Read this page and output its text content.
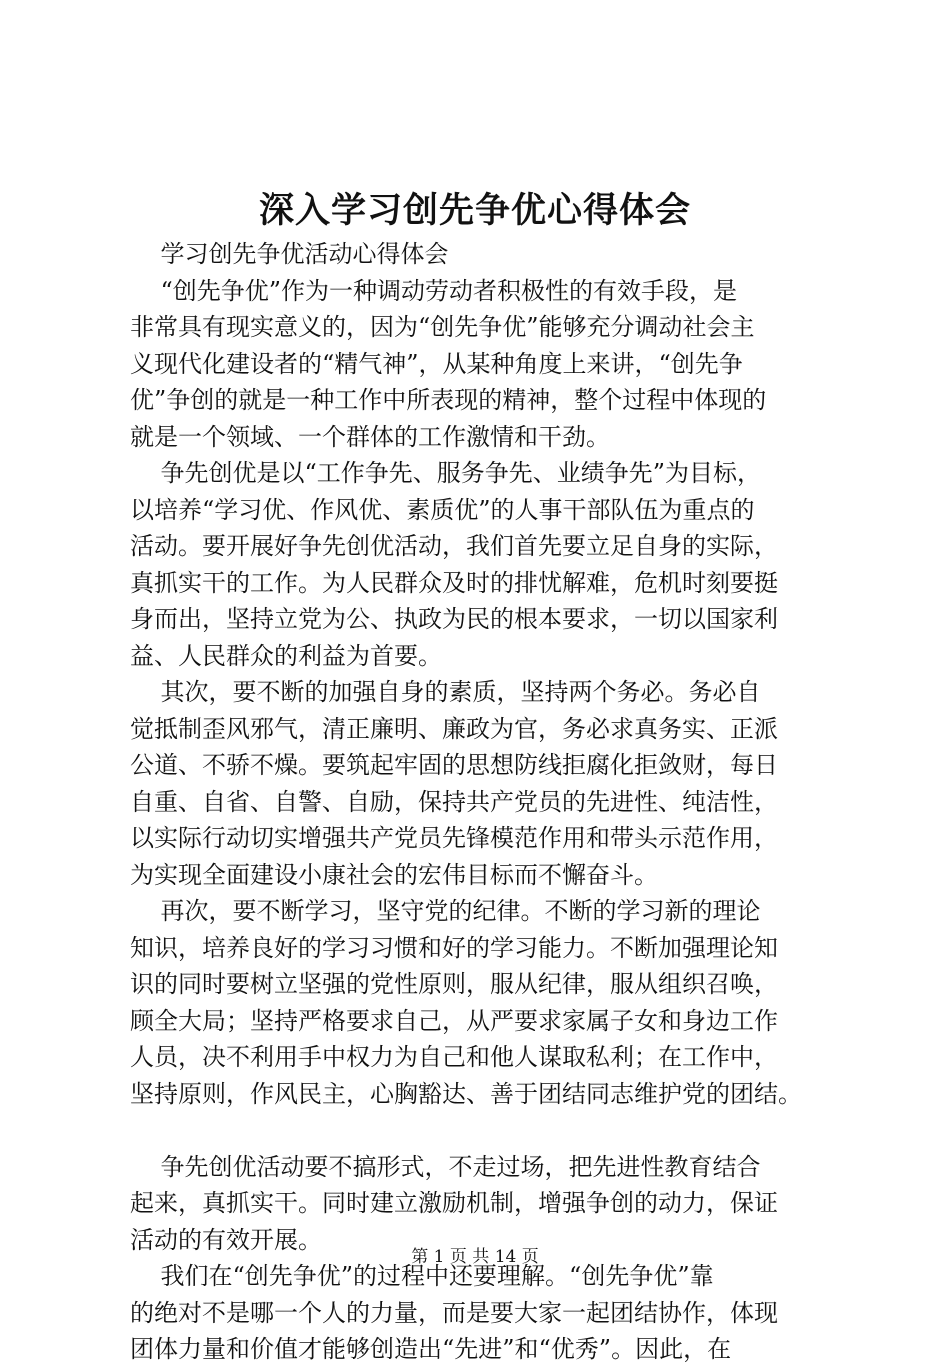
深入学习创先争优心得体会
学习创先争优活动心得体会
“创先争优”作为一种调动劳动者积极性的有效手段，是
非常具有现实意义的，因为“创先争优”能够充分调动社会主
义现代化建设者的“精气神”，从某种角度上来讲，“创先争
优”争创的就是一种工作中所表现的精神，整个过程中体现的
就是一个领域、一个群体的工作激情和干劲。
争先创优是以“工作争先、服务争先、业绩争先”为目标，
以培养“学习优、作风优、素质优”的人事干部队伍为重点的
活动。要开展好争先创优活动，我们首先要立足自身的实际，
真抓实干的工作。为人民群众及时的排忧解难，危机时刻要挺
身而出，坚持立党为公、执政为民的根本要求，一切以国家利
益、人民群众的利益为首要。
其次，要不断的加强自身的素质，坚持两个务必。务必自
觉抵制歪风邪气，清正廉明、廉政为官，务必求真务实、正派
公道、不骄不燥。要筑起牢固的思想防线拒腐化拒敛财，每日
自重、自省、自警、自励，保持共产党员的先进性、纯洁性，
以实际行动切实增强共产党员先锋模范作用和带头示范作用，
为实现全面建设小康社会的宏伟目标而不懈奋斗。
再次，要不断学习，坚守党的纪律。不断的学习新的理论
知识，培养良好的学习习惯和好的学习能力。不断加强理论知
识的同时要树立坚强的党性原则，服从纪律，服从组织召唤，
顾全大局；坚持严格要求自己，从严要求家属子女和身边工作
人员，决不利用手中权力为自己和他人谋取私利；在工作中，
坚持原则，作风民主，心胸豁达、善于团结同志维护党的团结。
争先创优活动要不搞形式，不走过场，把先进性教育结合
起来，真抓实干。同时建立激励机制，增强争创的动力，保证
活动的有效开展。
我们在“创先争优”的过程中还要理解。“创先争优”靠
的绝对不是哪一个人的力量，而是要大家一起团结协作，体现
团体力量和价值才能够创造出“先进”和“优秀”。因此，在
第 1 页 共 14 页
